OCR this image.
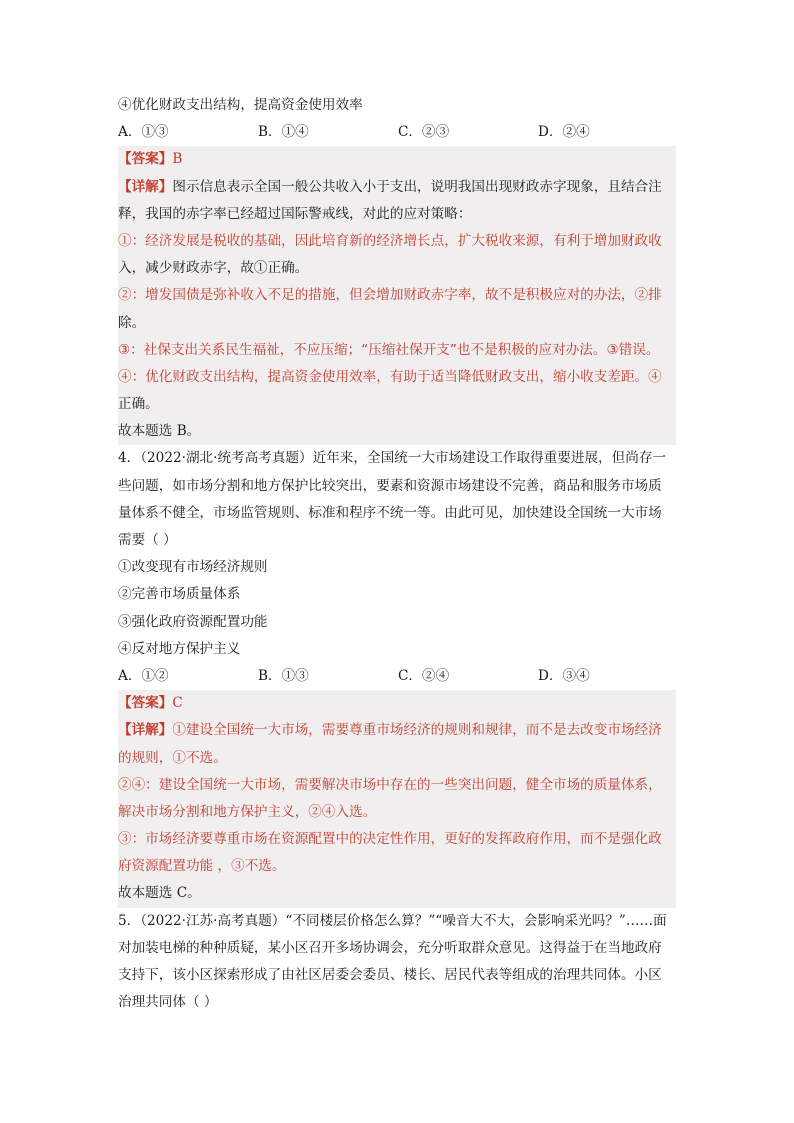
④优化财政支出结构，提高资金使用效率
A．①③	B．①④	C．②③	D．②④
【答案】B
【详解】图示信息表示全国一般公共收入小于支出，说明我国出现财政赤字现象，且结合注
释，我国的赤字率已经超过国际警戒线，对此的应对策略：
①：经济发展是税收的基础，因此培育新的经济增长点，扩大税收来源，有利于增加财政收
入，减少财政赤字，故①正确。
②：增发国债是弥补收入不足的措施，但会增加财政赤字率，故不是积极应对的办法，②排
除。
③：社保支出关系民生福祉，不应压缩；“压缩社保开支”也不是积极的应对办法。③错误。
④：优化财政支出结构，提高资金使用效率，有助于适当降低财政支出，缩小收支差距。④
正确。
故本题选 B。
4．（2022·湖北·统考高考真题）近年来，全国统一大市场建设工作取得重要进展，但尚存一
些问题，如市场分割和地方保护比较突出，要素和资源市场建设不完善，商品和服务市场质
量体系不健全，市场监管规则、标准和程序不统一等。由此可见，加快建设全国统一大市场
需要（ ）
①改变现有市场经济规则
②完善市场质量体系
③强化政府资源配置功能
④反对地方保护主义
A．①②	B．①③	C．②④	D．③④
【答案】C
【详解】①建设全国统一大市场，需要尊重市场经济的规则和规律，而不是去改变市场经济
的规则，①不选。
②④：建设全国统一大市场，需要解决市场中存在的一些突出问题，健全市场的质量体系，
解决市场分割和地方保护主义，②④入选。
③：市场经济要尊重市场在资源配置中的决定性作用，更好的发挥政府作用，而不是强化政
府资源配置功能 ，③不选。
故本题选 C。
5．（2022·江苏·高考真题）“不同楼层价格怎么算？”“噪音大不大，会影响采光吗？”……面
对加装电梯的种种质疑，某小区召开多场协调会，充分听取群众意见。这得益于在当地政府
支持下，该小区探索形成了由社区居委会委员、楼长、居民代表等组成的治理共同体。小区
治理共同体（ ）
